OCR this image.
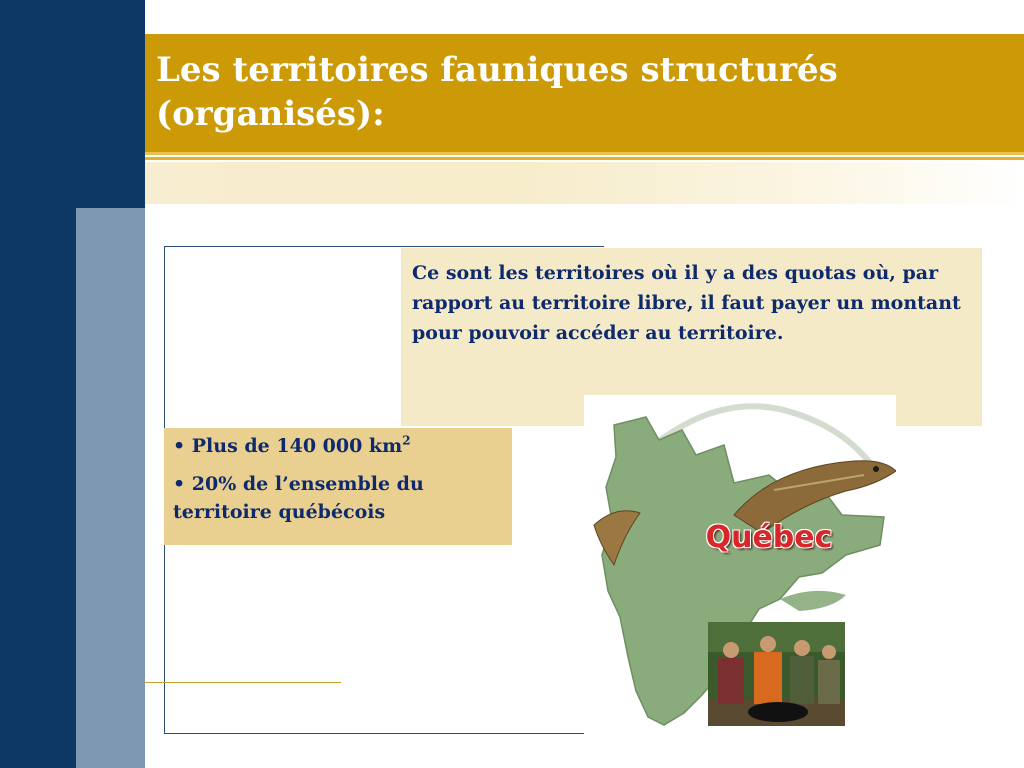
Les territoires fauniques structurés
(organisés):

Ce sont les territoires où il y a des quotas où, par rapport au territoire libre, il faut payer un montant pour pouvoir accéder au territoire.

• Plus de 140 000 $km^2$

• 20% de l’ensemble du territoire québécois

Québec
